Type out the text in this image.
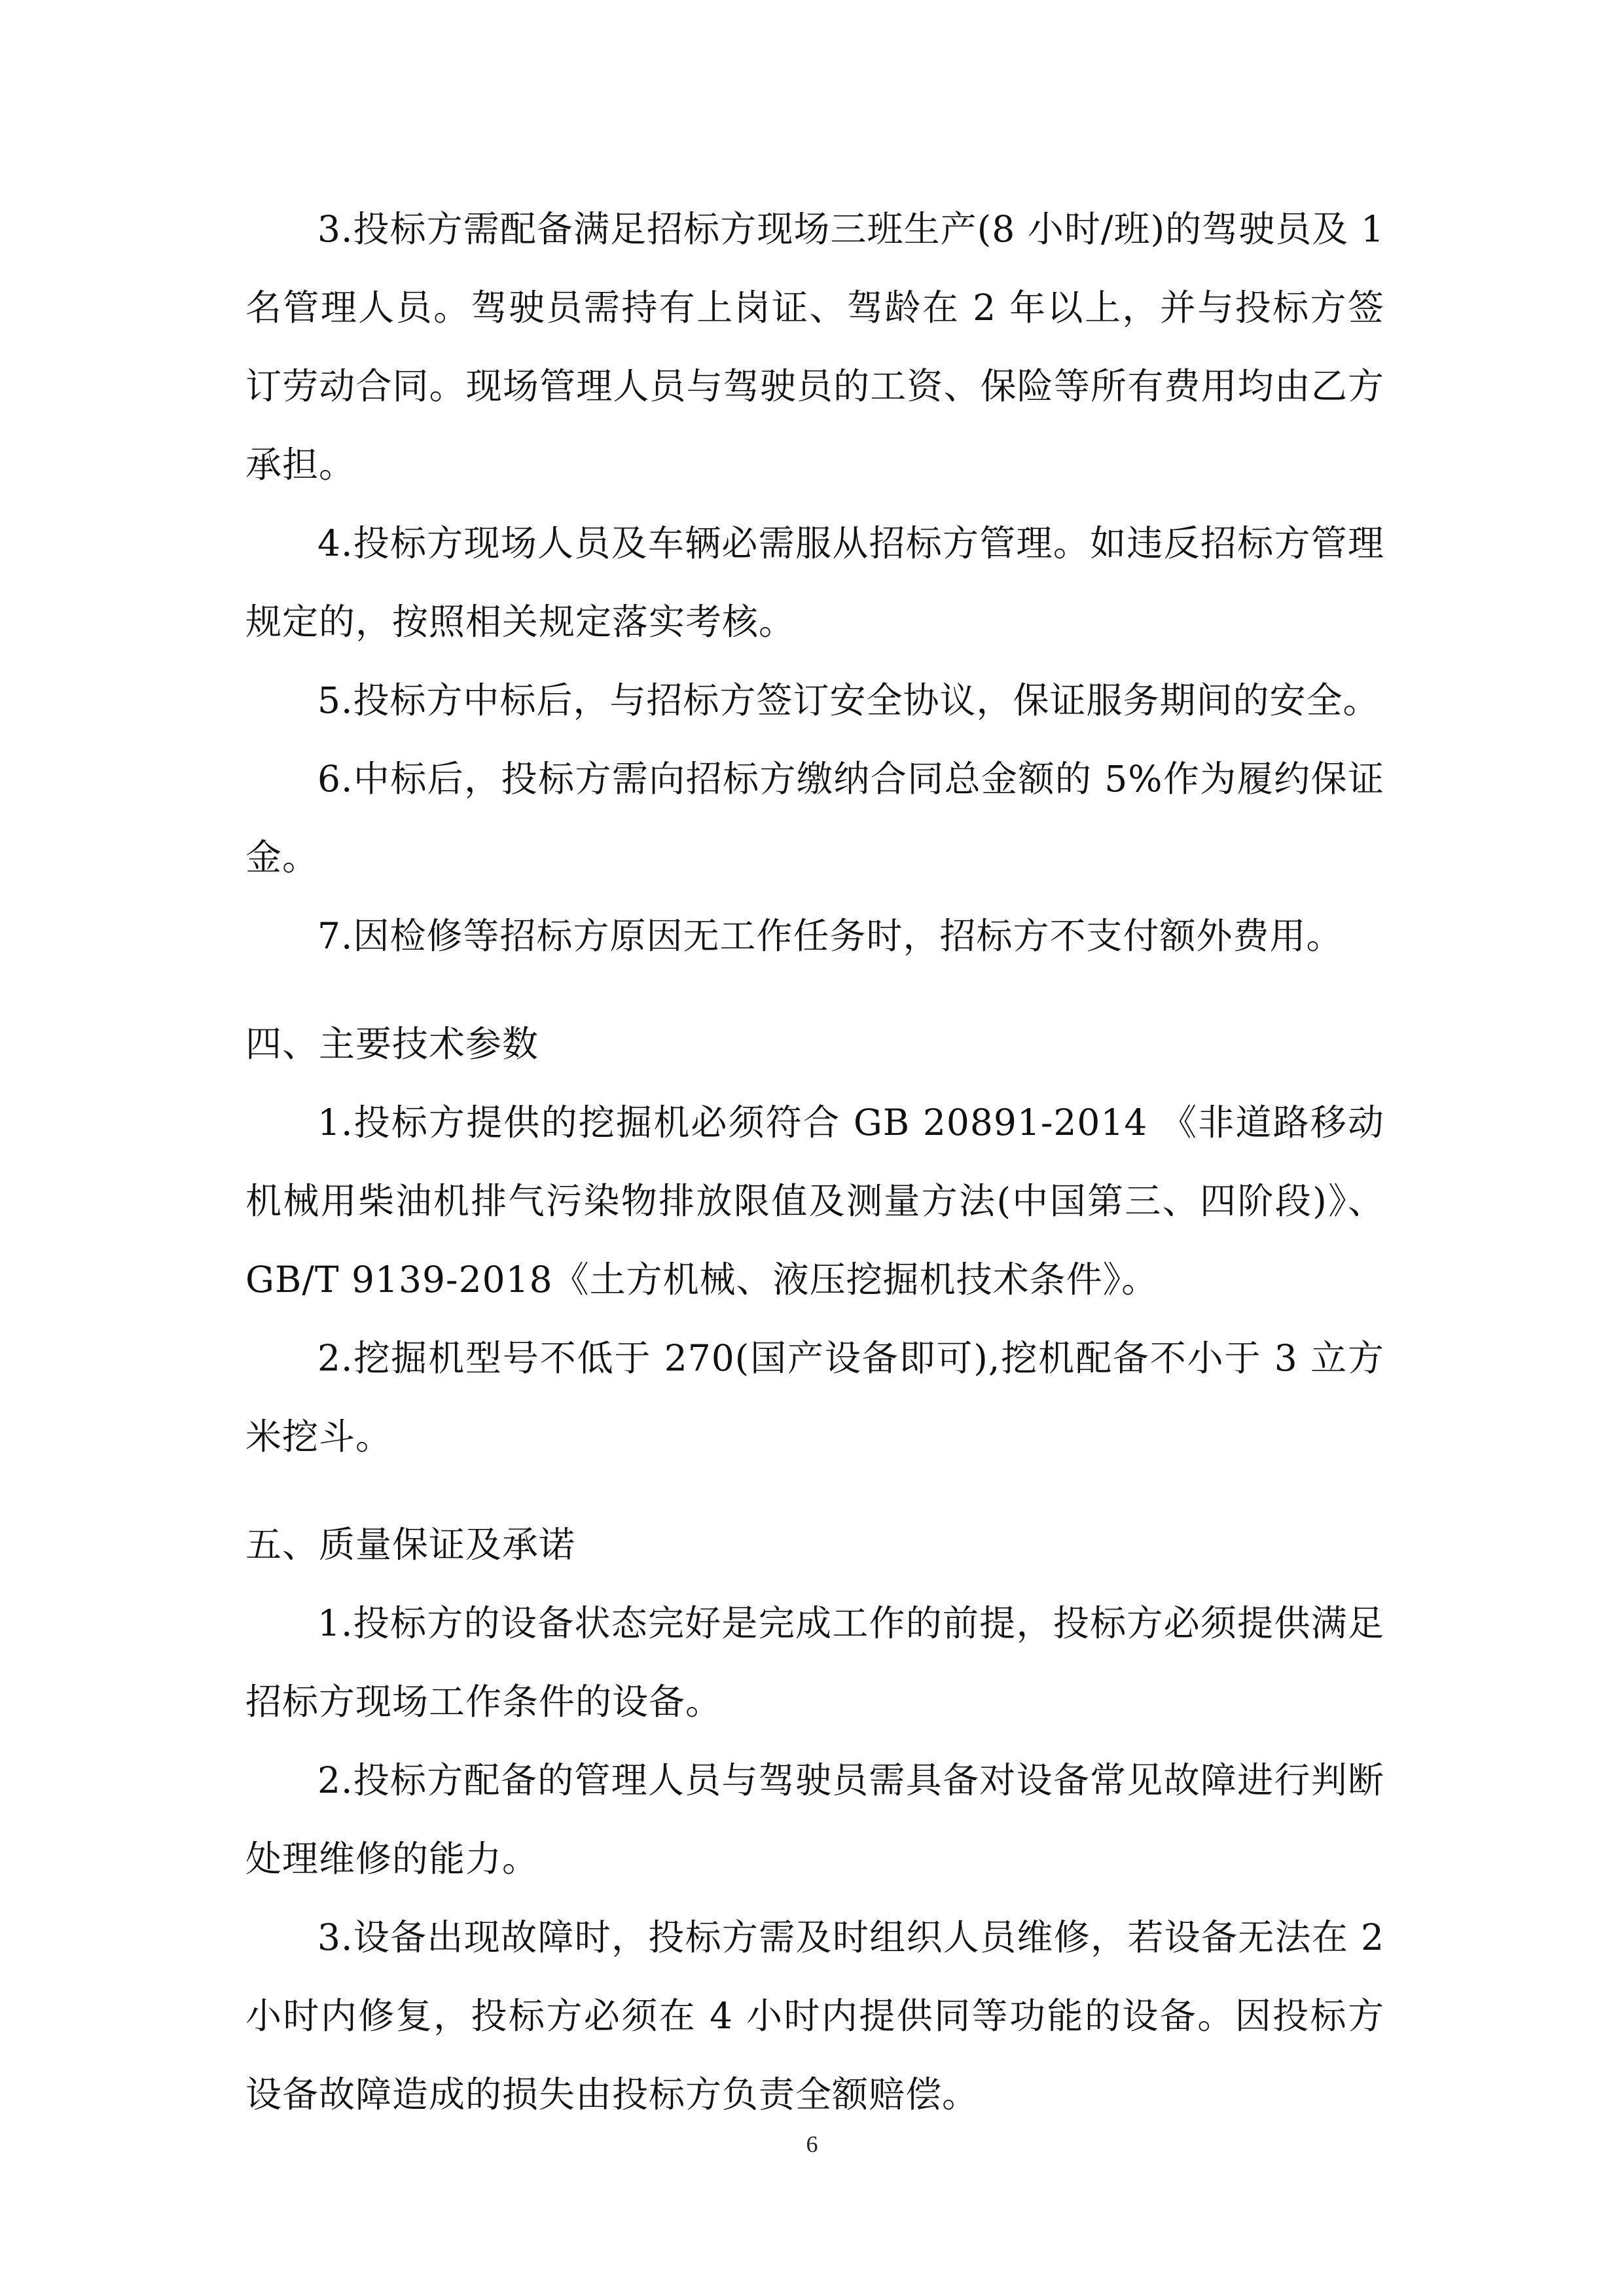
3.投标方需配备满足招标方现场三班生产(8 小时/班)的驾驶员及 1 名管理人员。驾驶员需持有上岗证、驾龄在 2 年以上，并与投标方签订劳动合同。现场管理人员与驾驶员的工资、保险等所有费用均由乙方承担。

4.投标方现场人员及车辆必需服从招标方管理。如违反招标方管理规定的，按照相关规定落实考核。

5.投标方中标后，与招标方签订安全协议，保证服务期间的安全。

6.中标后，投标方需向招标方缴纳合同总金额的 5%作为履约保证金。

7.因检修等招标方原因无工作任务时，招标方不支付额外费用。

四、主要技术参数

1.投标方提供的挖掘机必须符合 GB 20891-2014 《非道路移动机械用柴油机排气污染物排放限值及测量方法(中国第三、四阶段)》、GB/T 9139-2018《土方机械、液压挖掘机技术条件》。

2.挖掘机型号不低于 270(国产设备即可),挖机配备不小于 3 立方米挖斗。

五、质量保证及承诺

1.投标方的设备状态完好是完成工作的前提，投标方必须提供满足招标方现场工作条件的设备。

2.投标方配备的管理人员与驾驶员需具备对设备常见故障进行判断处理维修的能力。

3.设备出现故障时，投标方需及时组织人员维修，若设备无法在 2 小时内修复，投标方必须在 4 小时内提供同等功能的设备。因投标方设备故障造成的损失由投标方负责全额赔偿。

6
